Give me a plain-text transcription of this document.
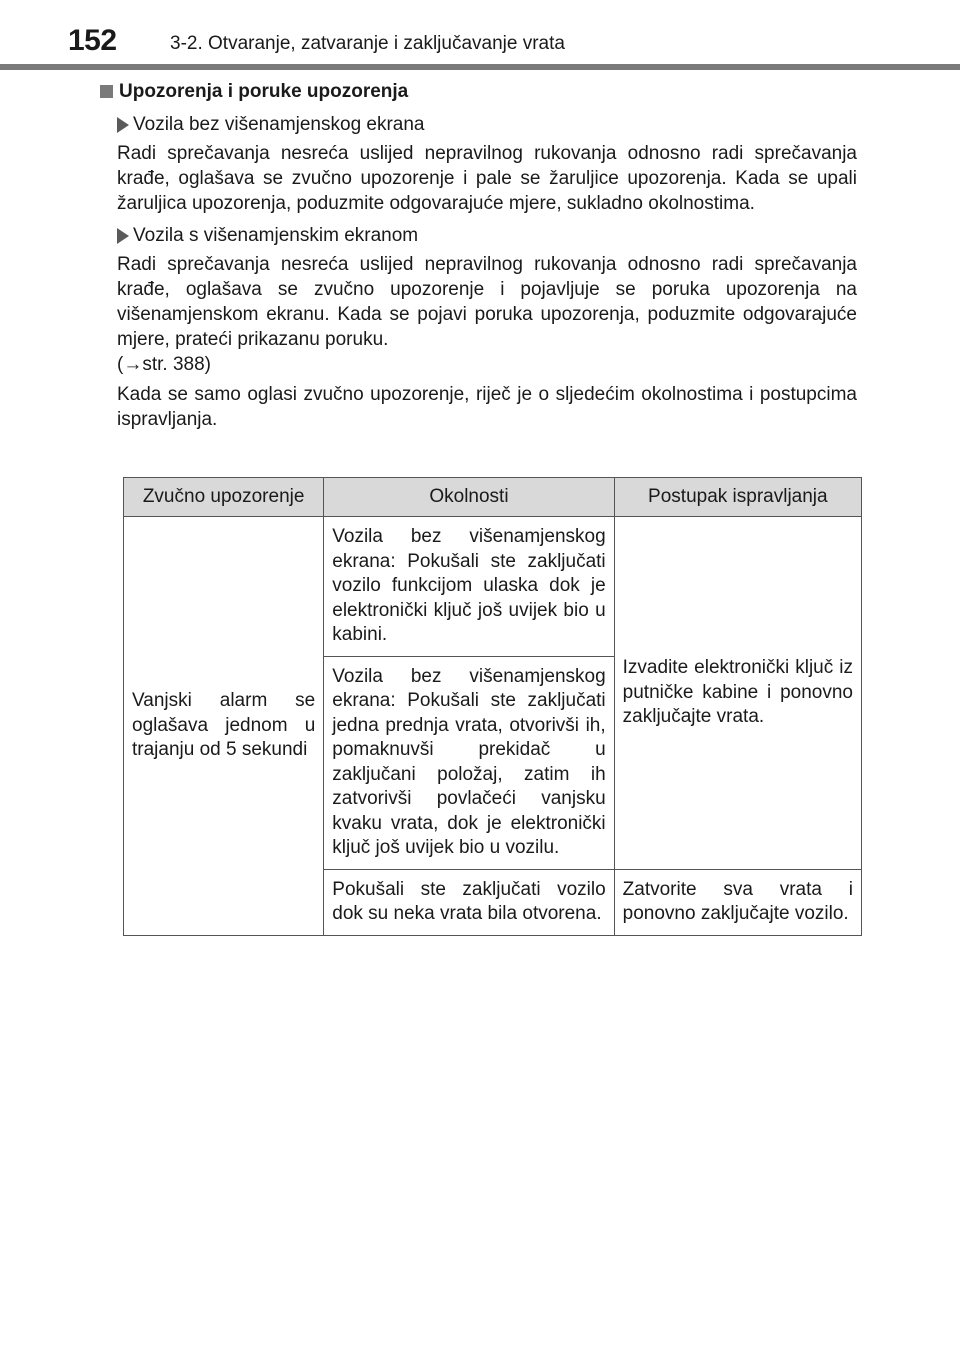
152	3-2. Otvaranje, zatvaranje i zaključavanje vrata
Upozorenja i poruke upozorenja
Vozila bez višenamjenskog ekrana

Radi sprečavanja nesreća uslijed nepravilnog rukovanja odnosno radi sprečavanja krađe, oglašava se zvučno upozorenje i pale se žaruljice upozorenja. Kada se upali žaruljica upozorenja, poduzmite odgovarajuće mjere, sukladno okolnostima.

Vozila s višenamjenskim ekranom

Radi sprečavanja nesreća uslijed nepravilnog rukovanja odnosno radi sprečavanja krađe, oglašava se zvučno upozorenje i pojavljuje se poruka upozorenja na višenamjenskom ekranu. Kada se pojavi poruka upozorenja, poduzmite odgovarajuće mjere, prateći prikazanu poruku.

(→str. 388)

Kada se samo oglasi zvučno upozorenje, riječ je o sljedećim okolnostima i postupcima ispravljanja.

Zvučno upozorenje	Okolnosti	Postupak ispravljanja
Vanjski alarm se oglašava jednom u trajanju od 5 sekundi	Vozila bez višenamjenskog ekrana: Pokušali ste zaključati vozilo funkcijom ulaska dok je elektronički ključ još uvijek bio u kabini.	Izvadite elektronički ključ iz putničke kabine i ponovno zaključajte vrata.
	Vozila bez višenamjenskog ekrana: Pokušali ste zaključati jedna prednja vrata, otvorivši ih, pomaknuvši prekidač u zaključani položaj, zatim ih zatvorivši povlačeći vanjsku kvaku vrata, dok je elektronički ključ još uvijek bio u vozilu.	
	Pokušali ste zaključati vozilo dok su neka vrata bila otvorena.	Zatvorite sva vrata i ponovno zaključajte vozilo.
